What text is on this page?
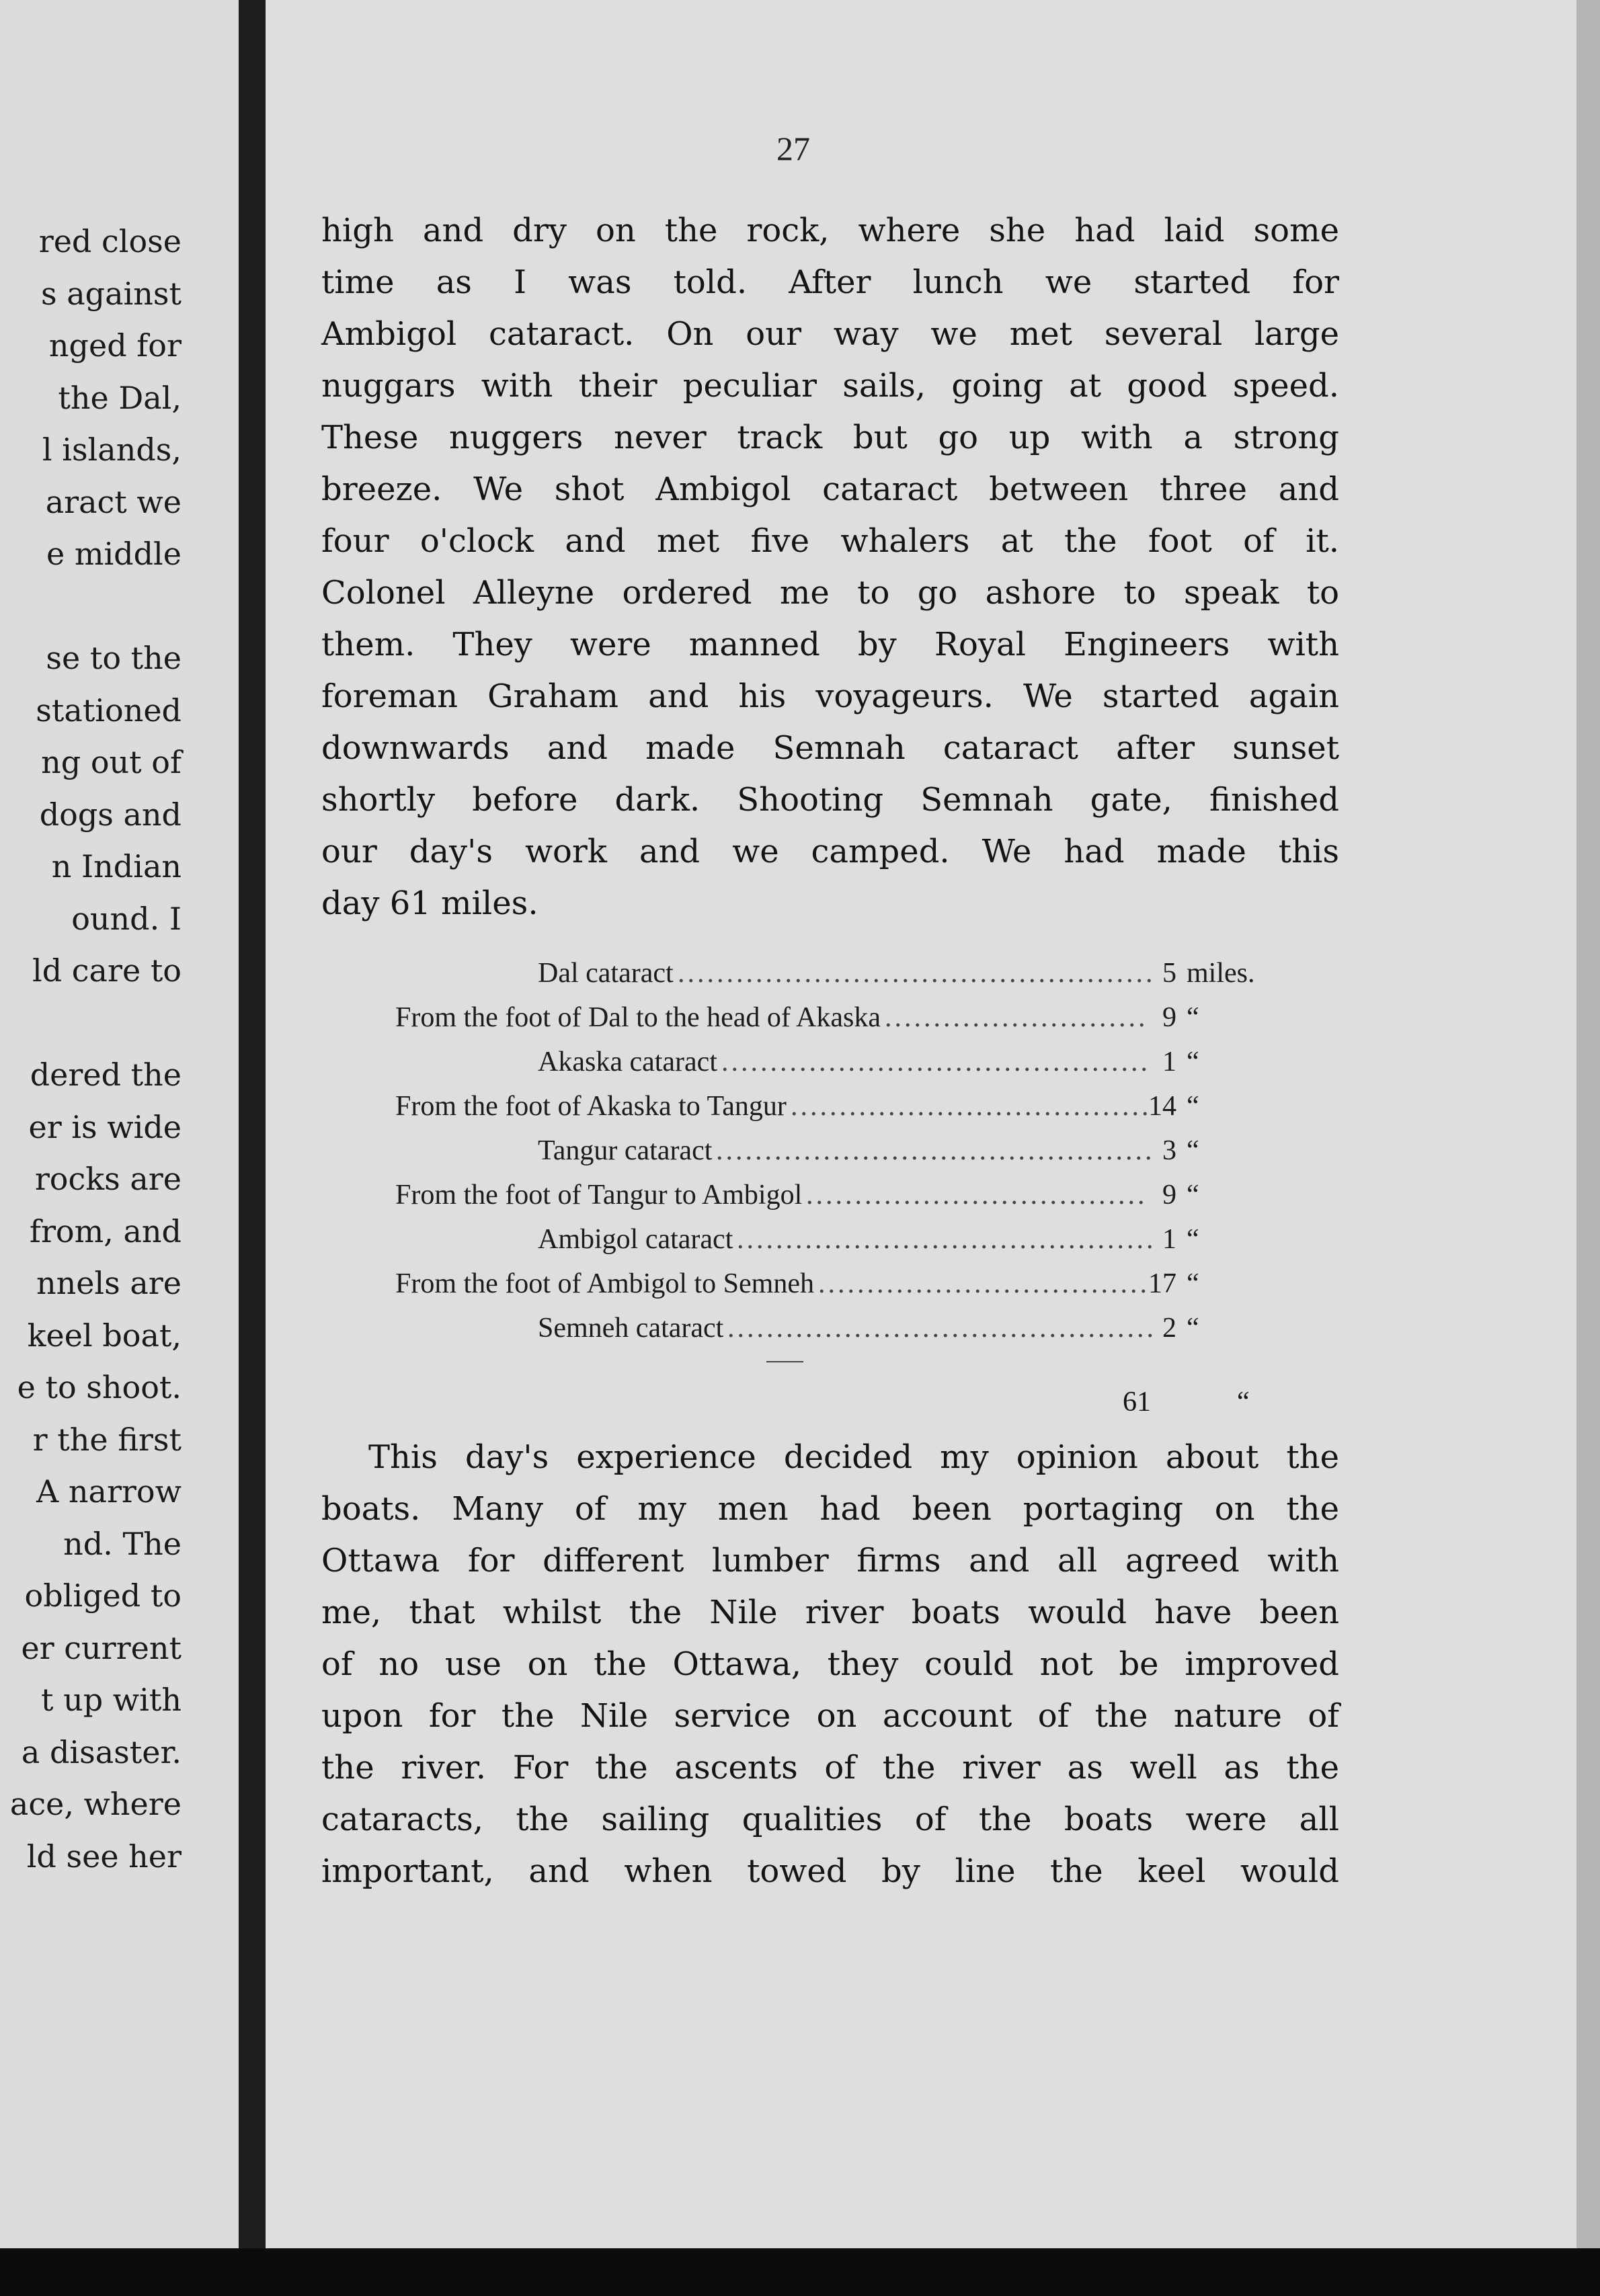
red close
s against
nged for
the Dal,
l islands,
aract we
e middle
se to the
stationed
ng out of
dogs and
n Indian
ound. I
ld care to
dered the
er is wide
rocks are
from, and
nnels are
keel boat,
e to shoot.
r the first
A narrow
nd. The
obliged to
er current
t up with
a disaster.
ace, where
ld see her
27
high and dry on the rock, where she had laid some
time as I was told. After lunch we started for
Ambigol cataract. On our way we met several large
nuggars with their peculiar sails, going at good speed.
These nuggers never track but go up with a strong
breeze. We shot Ambigol cataract between three and
four o'clock and met five whalers at the foot of it.
Colonel Alleyne ordered me to go ashore to speak to
them. They were manned by Royal Engineers with
foreman Graham and his voyageurs. We started again
downwards and made Semnah cataract after sunset
shortly before dark. Shooting Semnah gate, finished
our day's work and we camped. We had made this
day 61 miles.
Dal cataract ................................................. 5 miles.
From the foot of Dal to the head of Akaska ........................... 9 “
Akaska cataract ............................................ 1 “
From the foot of Akaska to Tangur .....................................
14 “
Tangur cataract ............................................. 3 “
From the foot of Tangur to Ambigol ................................... 9 “
Ambigol cataract ........................................... 1 “
From the foot of Ambigol to Semneh ..................................
17 “
Semneh cataract ............................................ 2 “
61	“
This day's experience decided my opinion about the
boats. Many of my men had been portaging on the
Ottawa for different lumber firms and all agreed with
me, that whilst the Nile river boats would have been
of no use on the Ottawa, they could not be improved
upon for the Nile service on account of the nature of
the river. For the ascents of the river as well as the
cataracts, the sailing qualities of the boats were all
important, and when towed by line the keel would
